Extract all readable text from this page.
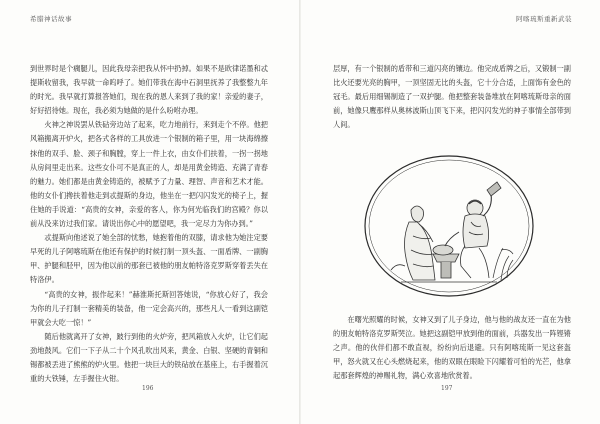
希腊神话故事

到世界时是个瘸腿儿，因此我母亲把我从怀中扔掉。如果不是欧律诺墨和忒提斯收留我，我早就一命呜呼了。她们带我在海中石洞里抚养了我整整九年的时光。我早就打算报答她们，现在我的恩人来到了我的家！亲爱的妻子，好好招待她。现在，我必须为她做的是什么吩咐办理。

火神之神说罢从铁砧旁边站了起来，吃力地前行，来到走个不停。他把风箱搬离开炉火，把各式各样的工具放进一个银制的箱子里，用一块海绵擦抹他的双手、脸、颈子和胸膛，穿上一件上衣，由女仆们扶着，一拐一拐地从房间里走出来。这些女仆可不是真正的人，却是用黄金铸造、充满了青春的魅力。她们都是由黄金铸造的，被赋予了力量、理智、声音和艺术才能。他的女仆们搀扶着他走到忒提斯的身边，他坐在一把闪闪发光的椅子上，握住她的手说道：“高贵的女神，亲爱的客人，你为何光临我们的宫殿？你以前从没来访过我们家。请说出你心中的愿望吧，我一定尽力为你办到。”

忒提斯向他述说了她全部的忧愁，她抱着他的双膝，请求他为她注定要早死的儿子阿喀琉斯在他还有保护的时候打制一顶头盔、一面盾牌、一副胸甲、护腿和胫甲，因为他以前的那套已被他的朋友帕特洛克罗斯穿着丢失在特洛伊。

“高贵的女神，振作起来！”赫淮斯托斯回答她说，“你放心好了，我会为你的儿子打制一套精美的装备，他一定会高兴的，那些凡人一看到这副铠甲就会大吃一惊！”

随后他就离开了女神，跛行到他的火炉旁，把风箱放入火炉，让它们起劲地鼓风。它们一下子从二十个风孔吹出风来，黄金、白银、坚硬的青铜和锡都被丢进了熊熊的炉火里。他把一块巨大的铁砧放在基座上，右手握着沉重的大铁锤，左手握住火钳。

196
阿喀琉斯重新武装

层厚，有一个银制的盾带和三道闪亮的镶边。他完成盾牌之后，又锻制一副比火还要光亮的胸甲，一顶坚固无比的头盔，它十分合适，上面饰有金色的冠毛。最后用细锡制造了一双护腿。他把整套装备堆放在阿喀琉斯母亲的面前，她像只鹰那样从奥林波斯山顶飞下来，把闪闪发光的神子事情全部带到人间。

在曙光照耀的时候，女神又到了儿子身边，他与他的战友还一直在为他的朋友帕特洛克罗斯哭泣。她把这副铠甲放到他的面前，兵器发出一阵铿锵之声。他的伙伴们都不敢直视，纷纷向后退避。只有阿喀琉斯一见这套盔甲，怒火就又在心头燃烧起来，他的双眼在眼睑下闪耀着可怕的光芒，他拿起那套辉煌的神赐礼物，满心欢喜地欣赏着。

197
